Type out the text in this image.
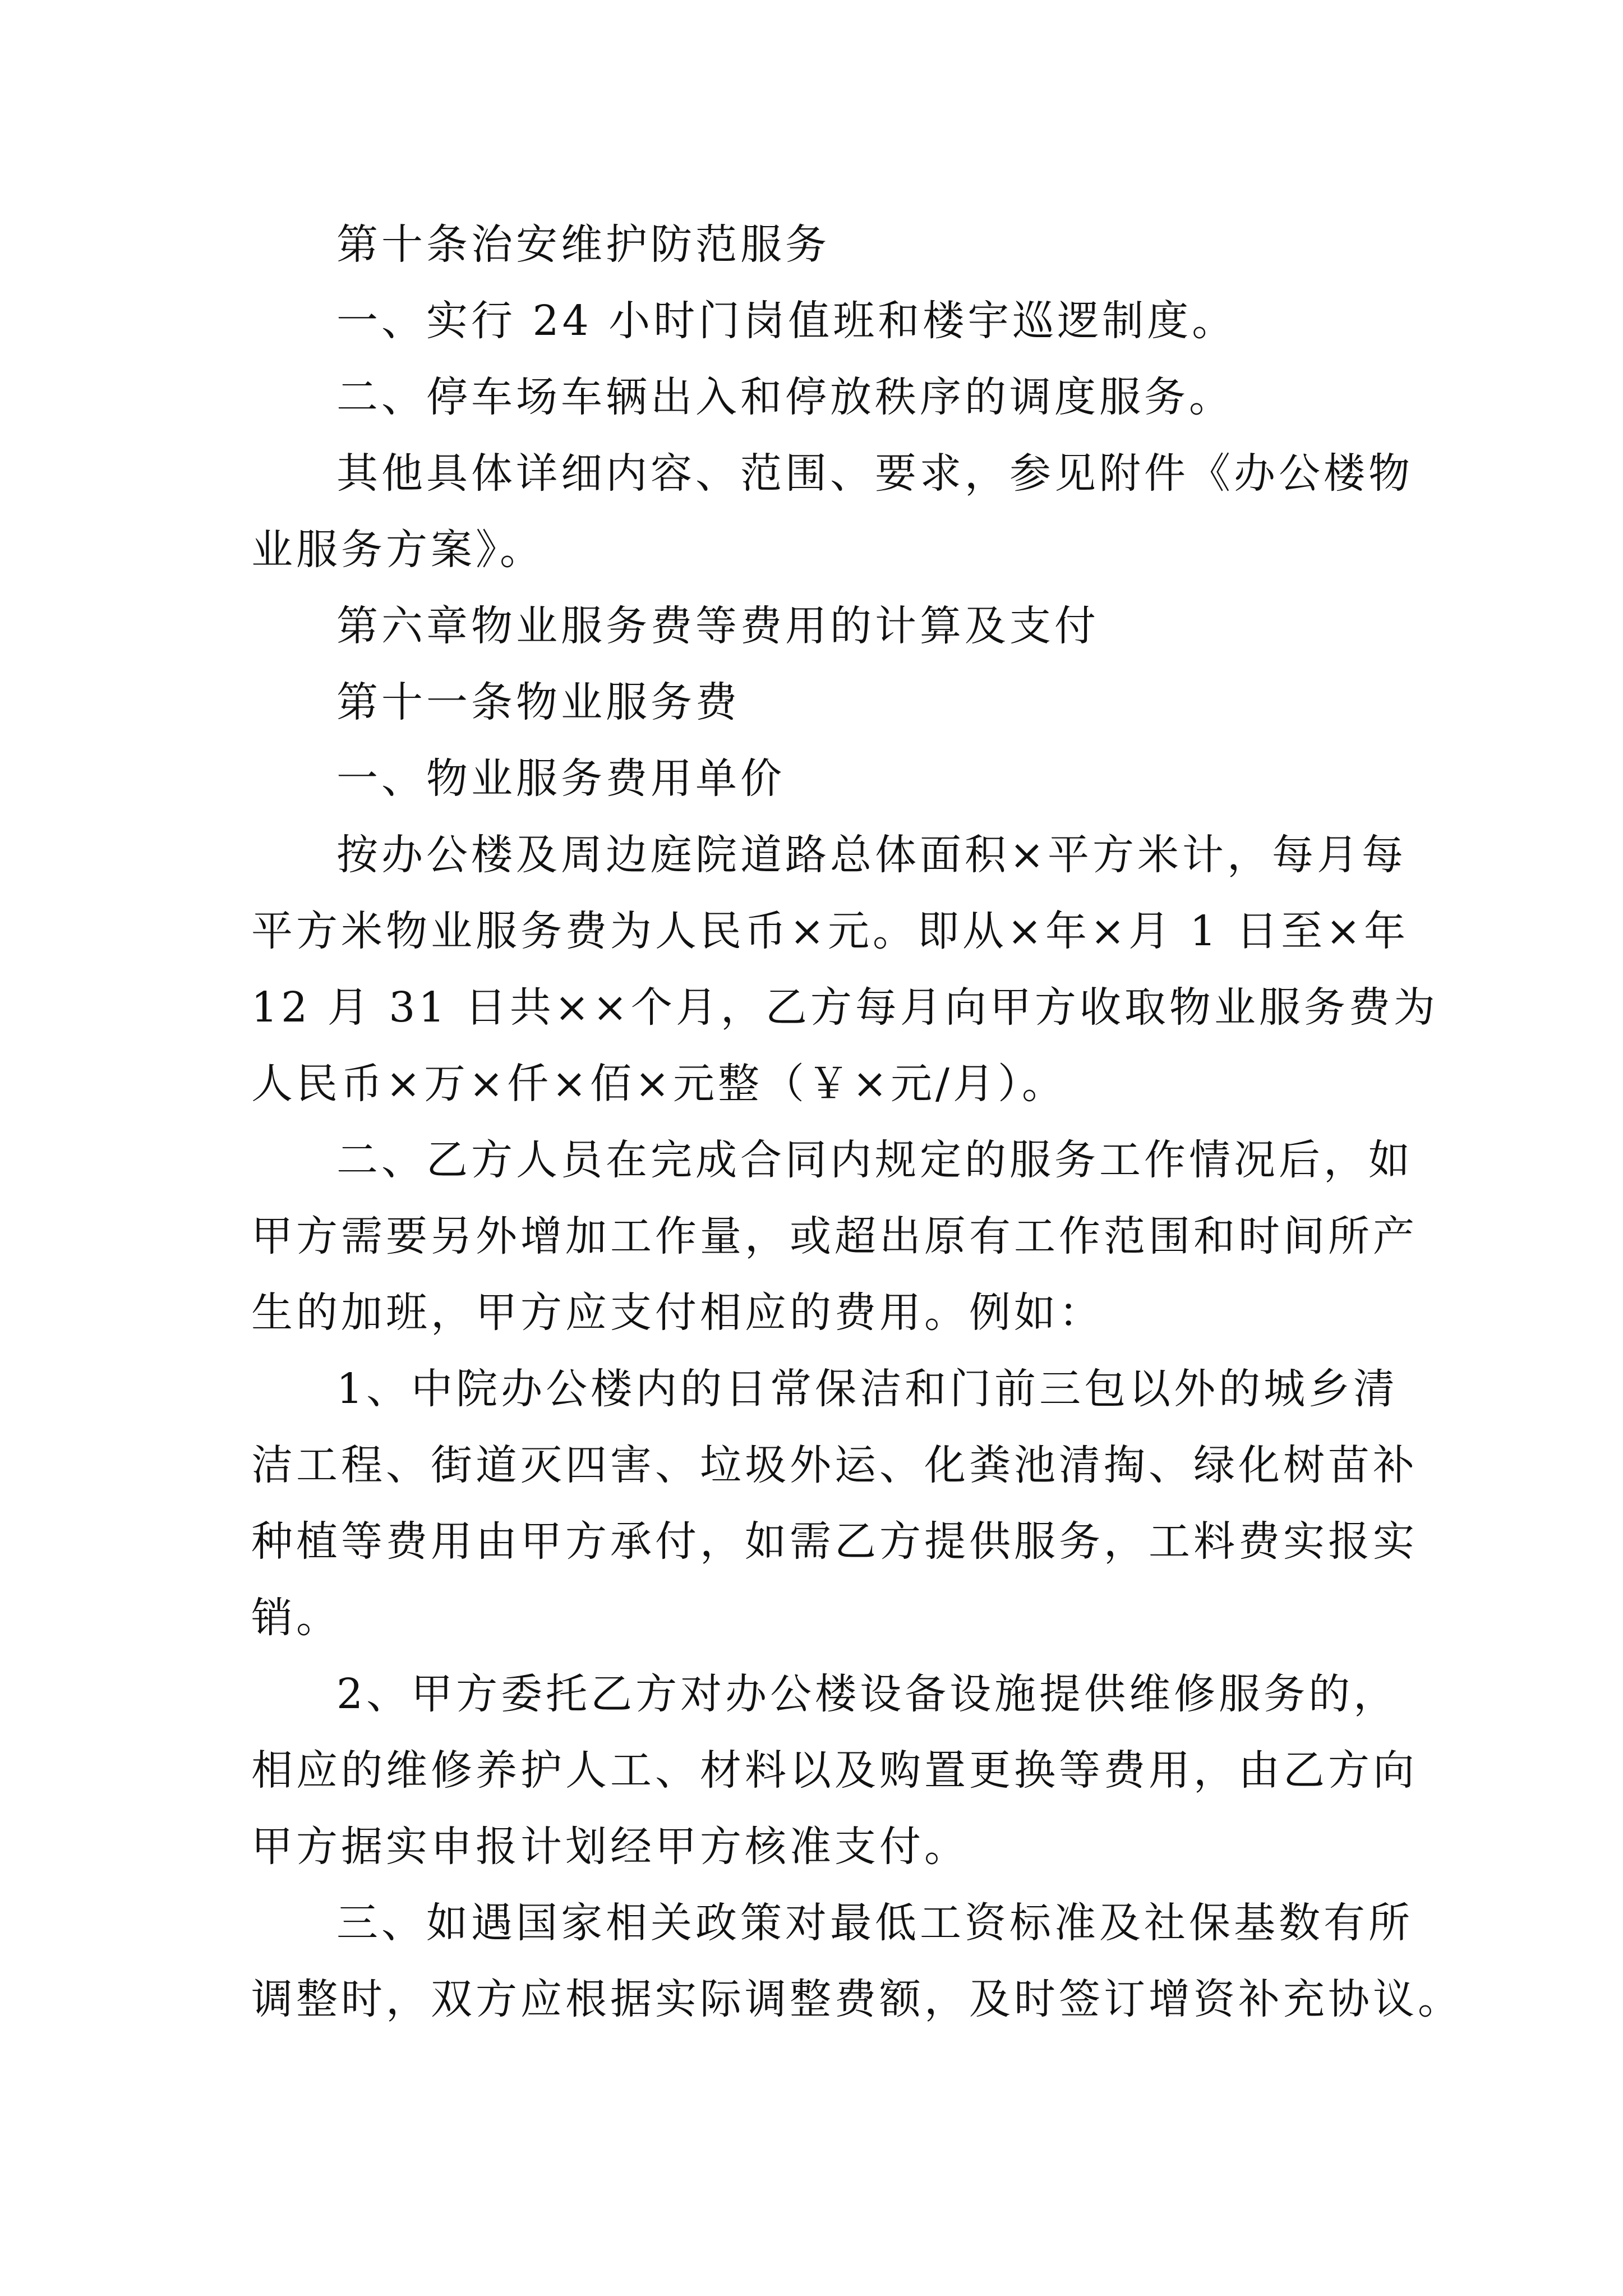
第十条治安维护防范服务
一、实行 24 小时门岗值班和楼宇巡逻制度。
二、停车场车辆出入和停放秩序的调度服务。
其他具体详细内容、范围、要求，参见附件《办公楼物
业服务方案》。
第六章物业服务费等费用的计算及支付
第十一条物业服务费
一、物业服务费用单价
按办公楼及周边庭院道路总体面积×平方米计，每月每
平方米物业服务费为人民币×元。即从×年×月 1 日至×年
12 月 31 日共××个月，乙方每月向甲方收取物业服务费为
人民币×万×仟×佰×元整（￥×元/月）。
二、乙方人员在完成合同内规定的服务工作情况后，如
甲方需要另外增加工作量，或超出原有工作范围和时间所产
生的加班，甲方应支付相应的费用。例如：
1、中院办公楼内的日常保洁和门前三包以外的城乡清
洁工程、街道灭四害、垃圾外运、化粪池清掏、绿化树苗补
种植等费用由甲方承付，如需乙方提供服务，工料费实报实
销。
2、甲方委托乙方对办公楼设备设施提供维修服务的，
相应的维修养护人工、材料以及购置更换等费用，由乙方向
甲方据实申报计划经甲方核准支付。
三、如遇国家相关政策对最低工资标准及社保基数有所
调整时，双方应根据实际调整费额，及时签订增资补充协议。
